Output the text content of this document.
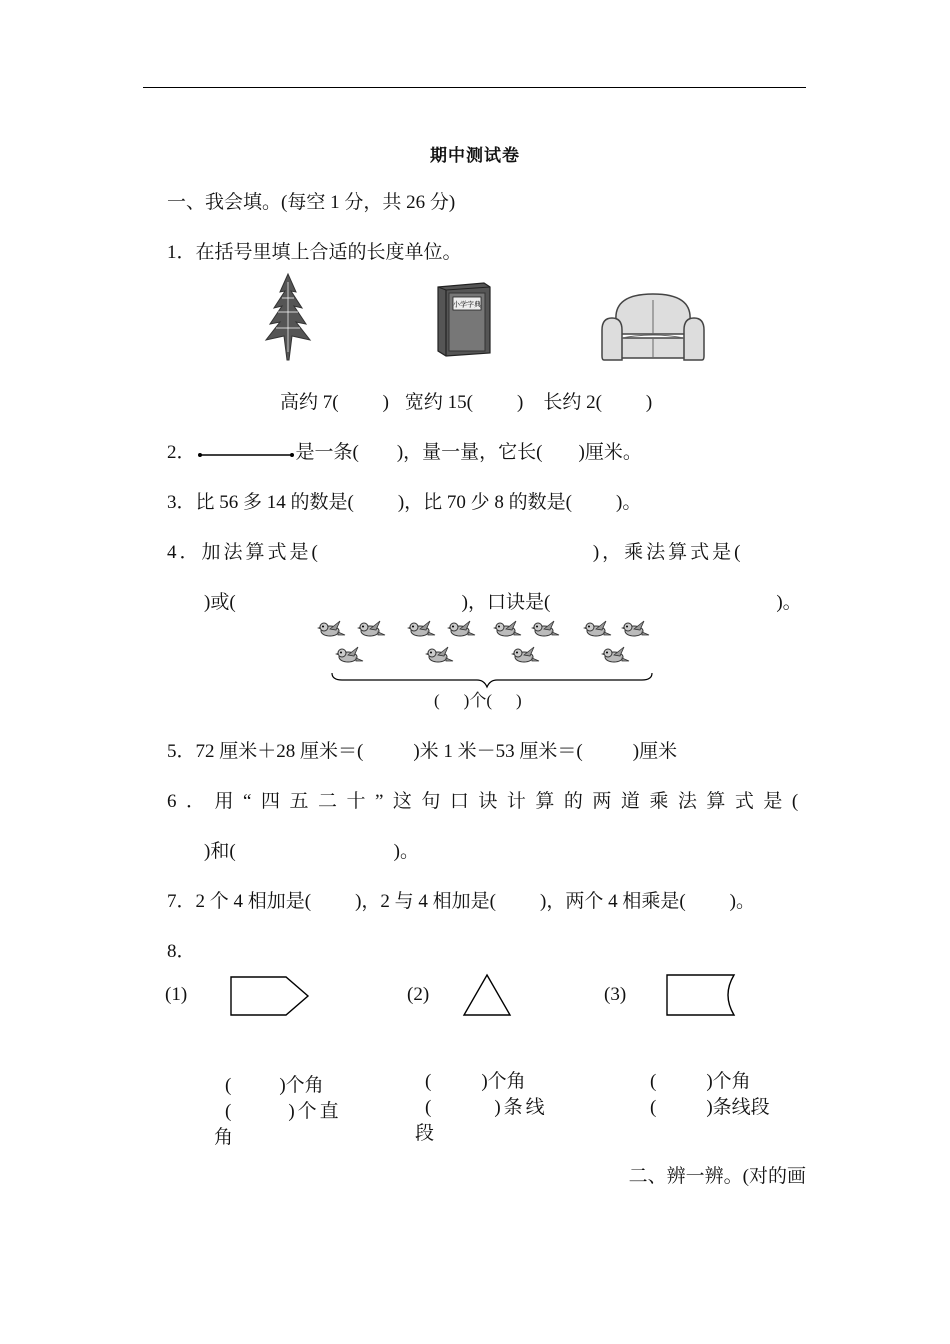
期中测试卷
一、我会填。(每空 1 分，共 26 分)
1．在括号里填上合适的长度单位。
小学字典
高约 7( ) 宽约 15( ) 长约 2( )
2．	是一条( )，量一量，它长( )厘米。
3．比 56 多 14 的数是( )，比 70 少 8 的数是( )。
4．加法算式是(	)，乘法算式是(
)或(	)，口诀是(	)。
( )个( )
5．72 厘米＋28 厘米＝(	)米 1 米－53 厘米＝(	)厘米
6．用“四五二十”这句口诀计算的两道乘法算式是(
)和(	)。
7．2 个 4 相加是( )，2 与 4 相加是( )，两个 4 相乘是( )。
8．
(1)	(2)	(3)
(	)个角
(	)个直
角
(	)个角
(	)条线
段
(	)个角
(	)条线段
二、辨一辨。(对的画
